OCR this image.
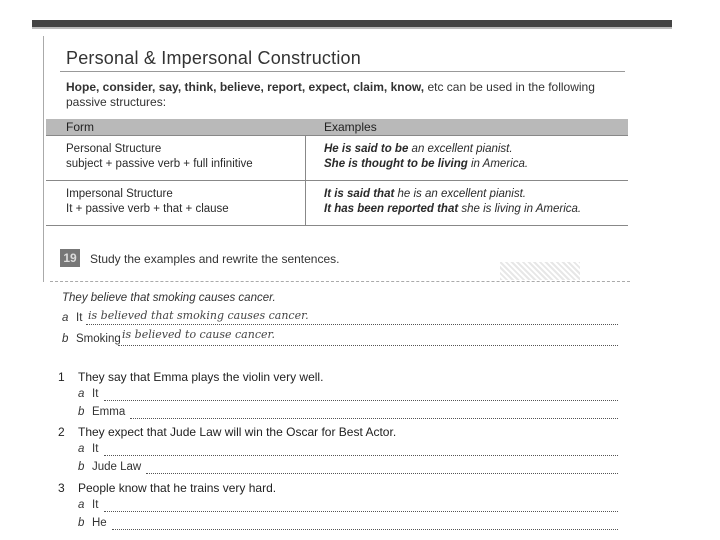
Personal & Impersonal Construction
Hope, consider, say, think, believe, report, expect, claim, know, etc can be used in the following passive structures:
Form	Examples
Personal Structure
subject + passive verb + full infinitive
He is said to be an excellent pianist.
She is thought to be living in America.
Impersonal Structure
It + passive verb + that + clause
It is said that he is an excellent pianist.
It has been reported that she is living in America.
19 Study the examples and rewrite the sentences.
They believe that smoking causes cancer.
a It is believed that smoking causes cancer.
b Smoking is believed to cause cancer.
1 They say that Emma plays the violin very well.
a It
b Emma
2 They expect that Jude Law will win the Oscar for Best Actor.
a It
b Jude Law
3 People know that he trains very hard.
a It
b He
